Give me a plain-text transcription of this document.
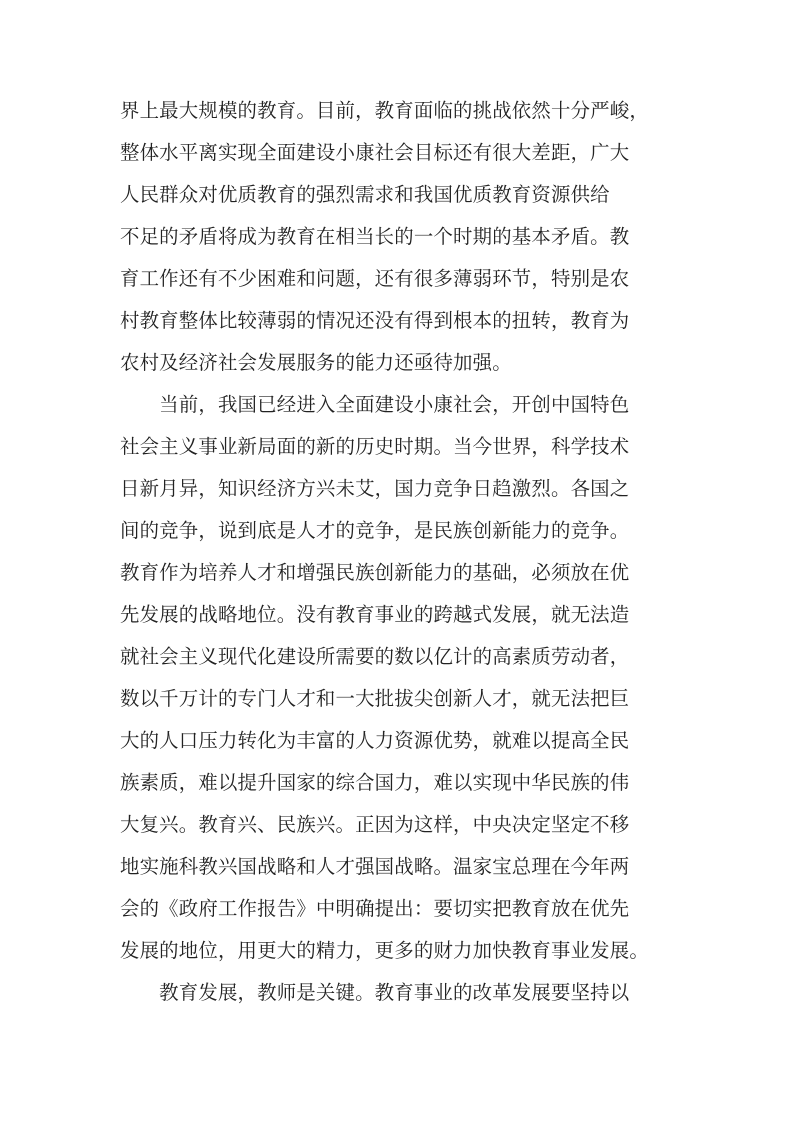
界上最大规模的教育。目前，教育面临的挑战依然十分严峻，
整体水平离实现全面建设小康社会目标还有很大差距，广大
人民群众对优质教育的强烈需求和我国优质教育资源供给
不足的矛盾将成为教育在相当长的一个时期的基本矛盾。教
育工作还有不少困难和问题，还有很多薄弱环节，特别是农
村教育整体比较薄弱的情况还没有得到根本的扭转，教育为
农村及经济社会发展服务的能力还亟待加强。
　　当前，我国已经进入全面建设小康社会，开创中国特色
社会主义事业新局面的新的历史时期。当今世界，科学技术
日新月异，知识经济方兴未艾，国力竞争日趋激烈。各国之
间的竞争，说到底是人才的竞争，是民族创新能力的竞争。
教育作为培养人才和增强民族创新能力的基础，必须放在优
先发展的战略地位。没有教育事业的跨越式发展，就无法造
就社会主义现代化建设所需要的数以亿计的高素质劳动者，
数以千万计的专门人才和一大批拔尖创新人才，就无法把巨
大的人口压力转化为丰富的人力资源优势，就难以提高全民
族素质，难以提升国家的综合国力，难以实现中华民族的伟
大复兴。教育兴、民族兴。正因为这样，中央决定坚定不移
地实施科教兴国战略和人才强国战略。温家宝总理在今年两
会的《政府工作报告》中明确提出：要切实把教育放在优先
发展的地位，用更大的精力，更多的财力加快教育事业发展。
　　教育发展，教师是关键。教育事业的改革发展要坚持以
